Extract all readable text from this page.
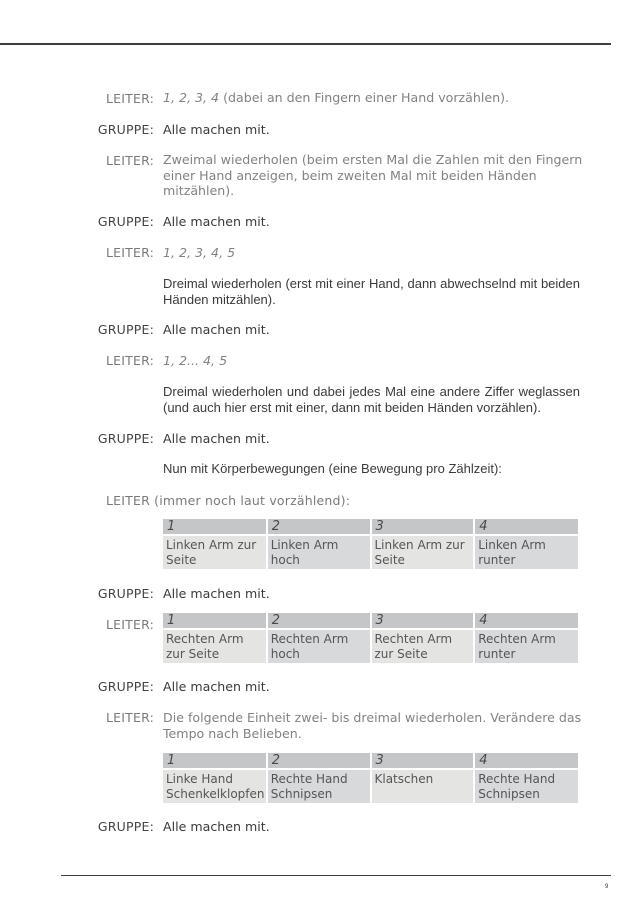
LEITER: 1, 2, 3, 4 (dabei an den Fingern einer Hand vorzählen).
GRUPPE: Alle machen mit.
LEITER: Zweimal wiederholen (beim ersten Mal die Zahlen mit den Fingern
einer Hand anzeigen, beim zweiten Mal mit beiden Händen
mitzählen).
GRUPPE: Alle machen mit.
LEITER: 1, 2, 3, 4, 5
Dreimal wiederholen (erst mit einer Hand, dann abwechselnd mit beiden Händen mitzählen).
GRUPPE: Alle machen mit.
LEITER: 1, 2... 4, 5
Dreimal wiederholen und dabei jedes Mal eine andere Ziffer weglassen (und auch hier erst mit einer, dann mit beiden Händen vorzählen).
GRUPPE: Alle machen mit.
Nun mit Körperbewegungen (eine Bewegung pro Zählzeit):
LEITER (immer noch laut vorzählend):
1	2	3	4
Linken Arm zur Seite	Linken Arm hoch	Linken Arm zur Seite	Linken Arm runter
GRUPPE: Alle machen mit.
LEITER: 1	2	3	4
Rechten Arm zur Seite	Rechten Arm hoch	Rechten Arm zur Seite	Rechten Arm runter
GRUPPE: Alle machen mit.
LEITER: Die folgende Einheit zwei- bis dreimal wiederholen. Verändere das
Tempo nach Belieben.
1	2	3	4
Linke Hand Schenkelklopfen	Rechte Hand Schnipsen	Klatschen	Rechte Hand Schnipsen
GRUPPE: Alle machen mit.
9
